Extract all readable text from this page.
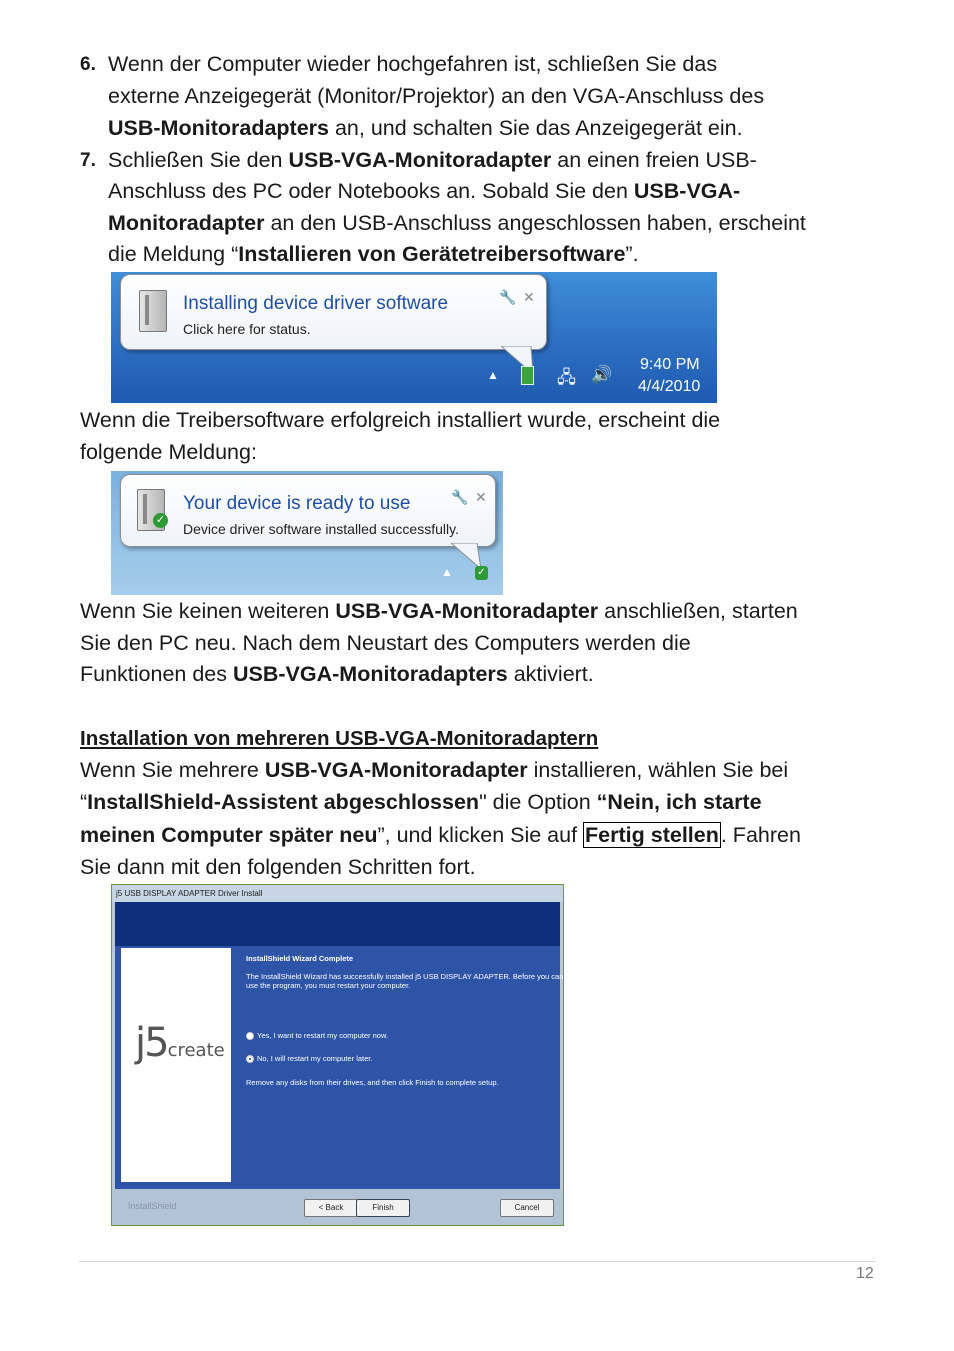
6. Wenn der Computer wieder hochgefahren ist, schließen Sie das
externe Anzeigegerät (Monitor/Projektor) an den VGA-Anschluss des
USB-Monitoradapters an, und schalten Sie das Anzeigegerät ein.
7. Schließen Sie den USB-VGA-Monitoradapter an einen freien USB-
Anschluss des PC oder Notebooks an. Sobald Sie den USB-VGA-
Monitoradapter an den USB-Anschluss angeschlossen haben, erscheint
die Meldung “Installieren von Gerätetreibersoftware”.
Installing device driver software
Click here for status.
🔧 ✕
▲	🖧 🔊
9:40 PM
4/4/2010
Wenn die Treibersoftware erfolgreich installiert wurde, erscheint die
folgende Meldung:
✓
Your device is ready to use
Device driver software installed successfully.
🔧 ✕
▲ ✓
Wenn Sie keinen weiteren USB-VGA-Monitoradapter anschließen, starten
Sie den PC neu. Nach dem Neustart des Computers werden die
Funktionen des USB-VGA-Monitoradapters aktiviert.
Installation von mehreren USB-VGA-Monitoradaptern
Wenn Sie mehrere USB-VGA-Monitoradapter installieren, wählen Sie bei
“InstallShield-Assistent abgeschlossen" die Option “Nein, ich starte
meinen Computer später neu”, und klicken Sie auf Fertig stellen. Fahren
Sie dann mit den folgenden Schritten fort.
j5 USB DISPLAY ADAPTER Driver Install
j5create
InstallShield Wizard Complete
The InstallShield Wizard has successfully installed j5 USB DISPLAY ADAPTER. Before you can
use the program, you must restart your computer.
Yes, I want to restart my computer now.
No, I will restart my computer later.
Remove any disks from their drives, and then click Finish to complete setup.
InstallShield	< Back	Finish	Cancel
12
